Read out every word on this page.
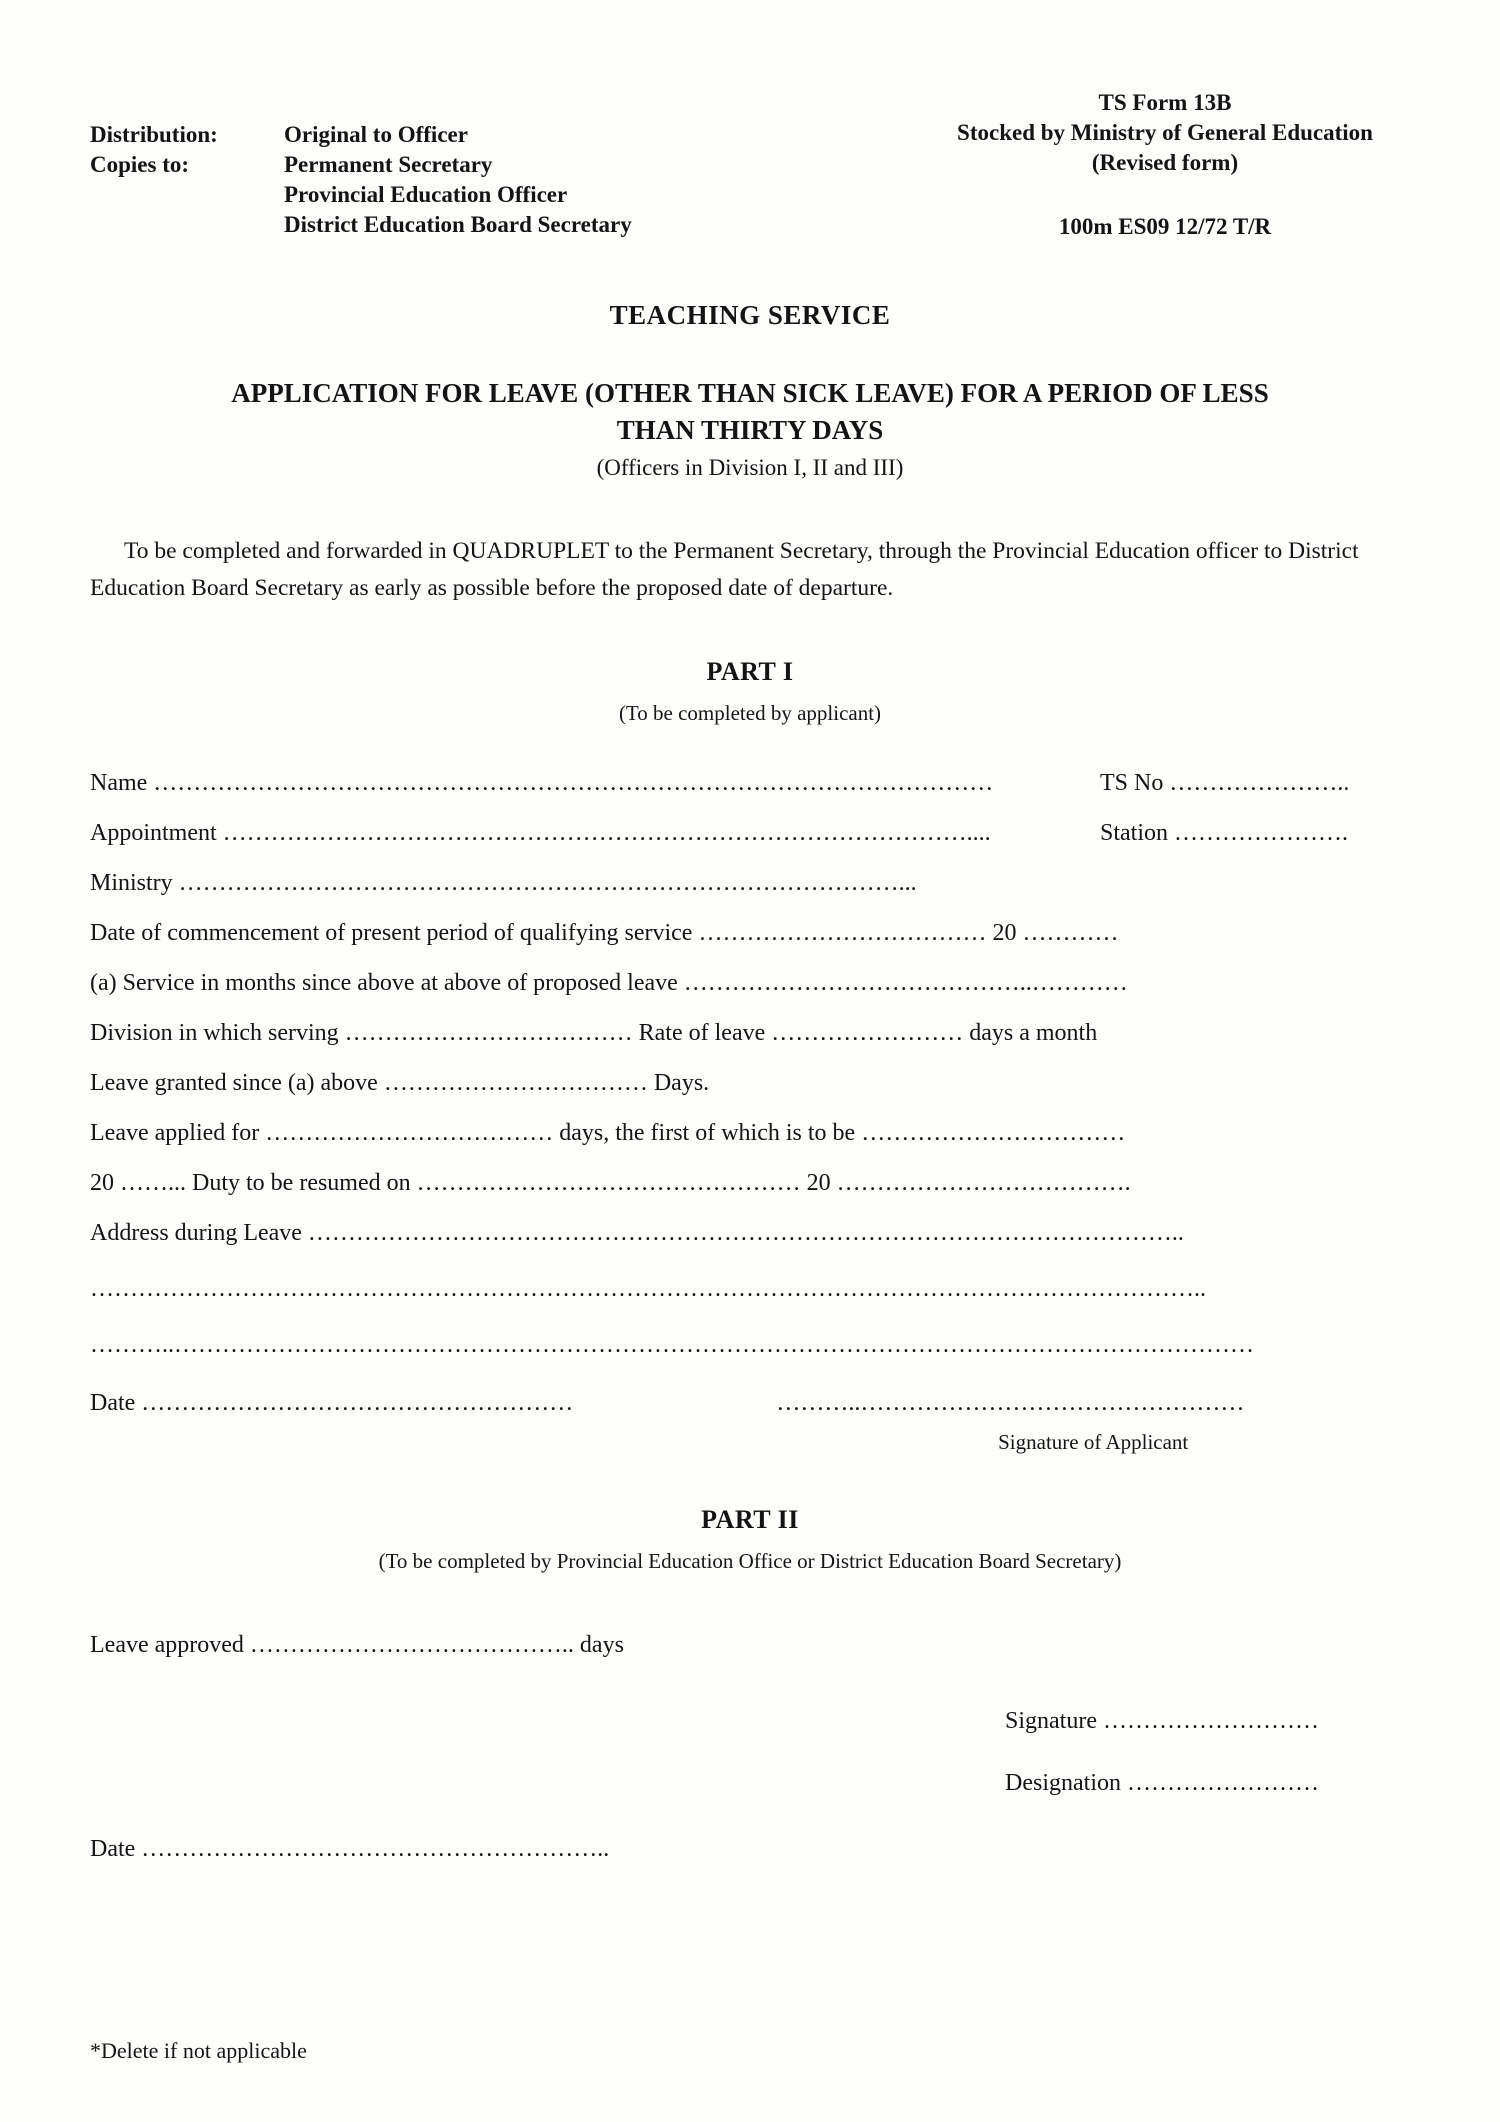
Distribution:	Original to Officer
Copies to:	Permanent Secretary
Provincial Education Officer
District Education Board Secretary
TS Form 13B
Stocked by Ministry of General Education
(Revised form)
100m ES09 12/72 T/R
TEACHING SERVICE
APPLICATION FOR LEAVE (OTHER THAN SICK LEAVE) FOR A PERIOD OF LESS
THAN THIRTY DAYS
(Officers in Division I, II and III)
To be completed and forwarded in QUADRUPLET to the Permanent Secretary, through the Provincial Education officer to District Education Board Secretary as early as possible before the proposed date of departure.
PART I
(To be completed by applicant)
Name ……………………………………………………………………………………………	TS No …………………..
Appointment …………………………………………………………………………………....	Station ………………….
Ministry ………………………………………………………………………………...
Date of commencement of present period of qualifying service ……………………………… 20 …………
(a) Service in months since above at above of proposed leave ……………………………………..…………
Division in which serving ……………………………… Rate of leave …………………… days a month
Leave granted since (a) above …………………………… Days.
Leave applied for ……………………………… days, the first of which is to be ……………………………
20 ……... Duty to be resumed on ………………………………………… 20 ……………………………….
Address during Leave ………………………………………………………………………………………………..
…………………………………………………………………………………………………………………………..
………..………………………………………………………………………………………………………………………
Date ………………………………………………	………..…………………………………………
Signature of Applicant
PART II
(To be completed by Provincial Education Office or District Education Board Secretary)
Leave approved ………………………………….. days
Signature ………………………
Designation ……………………
Date …………………………………………………..
*Delete if not applicable
